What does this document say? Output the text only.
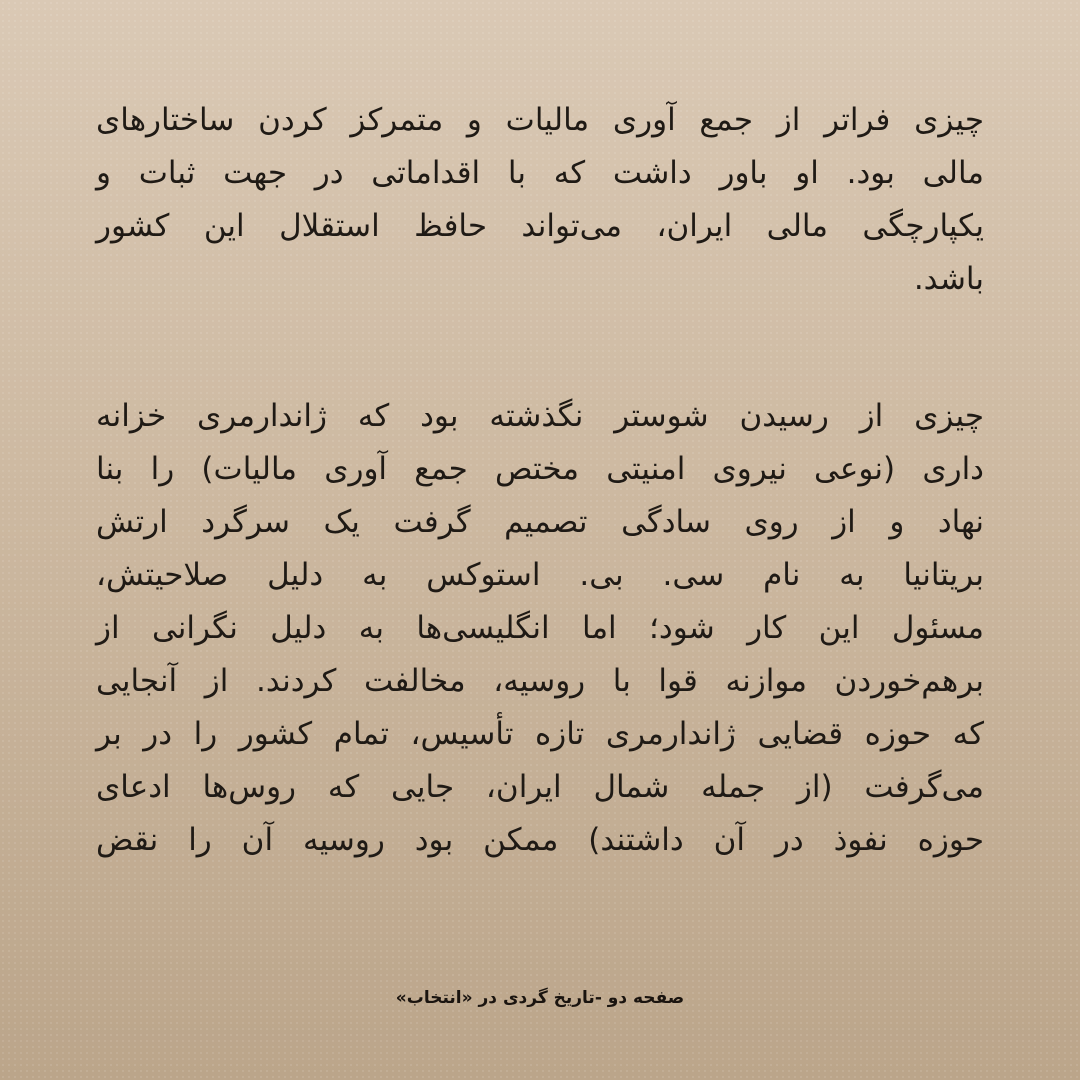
چیزی فراتر از جمع آوری مالیات و متمرکز کردن ساختارهای
مالی بود. او باور داشت که با اقداماتی در جهت ثبات و
یکپارچگی مالی ایران، می‌تواند حافظ استقلال این کشور
باشد.
چیزی از رسیدن شوستر نگذشته بود که ژاندارمری خزانه
داری (نوعی نیروی امنیتی مختص جمع آوری مالیات) را بنا
نهاد و از روی سادگی تصمیم گرفت یک سرگرد ارتش
بریتانیا به نام سی. بی. استوکس به دلیل صلاحیتش،
مسئول این کار شود؛ اما انگلیسی‌ها به دلیل نگرانی از
برهم‌خوردن موازنه قوا با روسیه، مخالفت کردند. از آنجایی
که حوزه قضایی ژاندارمری تازه تأسیس، تمام کشور را در بر
می‌گرفت (از جمله شمال ایران، جایی که روس‌ها ادعای
حوزه نفوذ در آن داشتند) ممکن بود روسیه آن را نقض
صفحه دو -تاریخ گردی در «انتخاب»
